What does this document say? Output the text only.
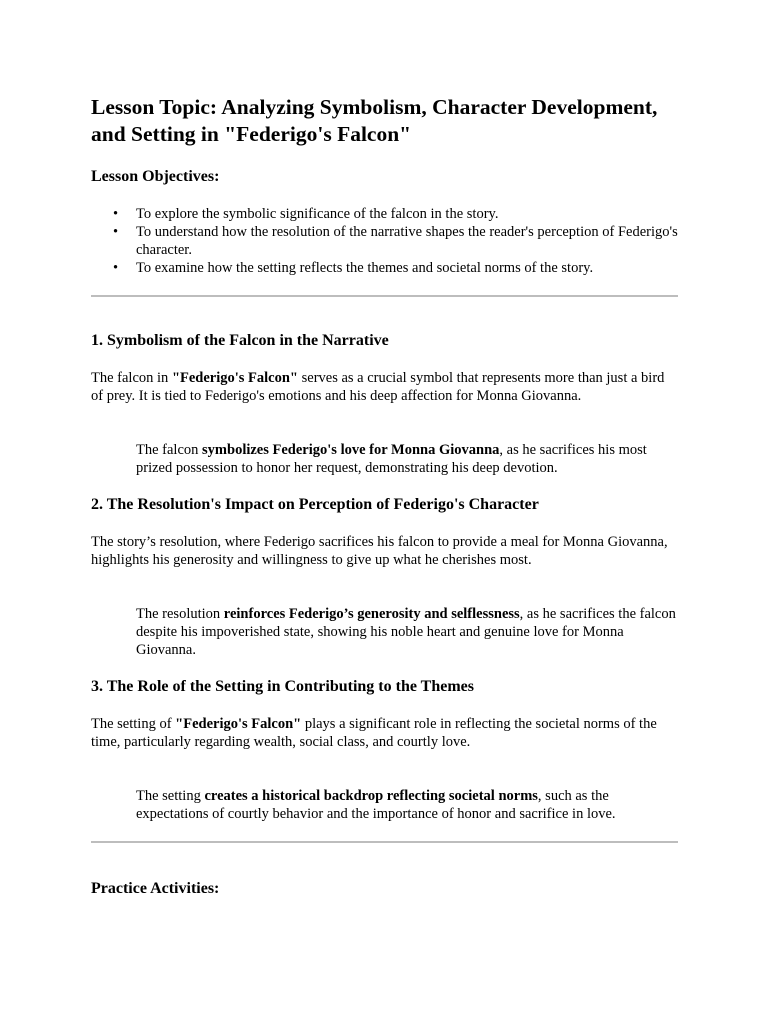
Lesson Topic: Analyzing Symbolism, Character Development, and Setting in "Federigo's Falcon"
Lesson Objectives:
• To explore the symbolic significance of the falcon in the story.
• To understand how the resolution of the narrative shapes the reader's perception of Federigo's character.
• To examine how the setting reflects the themes and societal norms of the story.
1. Symbolism of the Falcon in the Narrative

The falcon in "Federigo's Falcon" serves as a crucial symbol that represents more than just a bird of prey. It is tied to Federigo's emotions and his deep affection for Monna Giovanna.

The falcon symbolizes Federigo's love for Monna Giovanna, as he sacrifices his most prized possession to honor her request, demonstrating his deep devotion.

2. The Resolution's Impact on Perception of Federigo's Character

The story’s resolution, where Federigo sacrifices his falcon to provide a meal for Monna Giovanna, highlights his generosity and willingness to give up what he cherishes most.

The resolution reinforces Federigo’s generosity and selflessness, as he sacrifices the falcon despite his impoverished state, showing his noble heart and genuine love for Monna Giovanna.

3. The Role of the Setting in Contributing to the Themes

The setting of "Federigo's Falcon" plays a significant role in reflecting the societal norms of the time, particularly regarding wealth, social class, and courtly love.

The setting creates a historical backdrop reflecting societal norms, such as the expectations of courtly behavior and the importance of honor and sacrifice in love.

Practice Activities:
